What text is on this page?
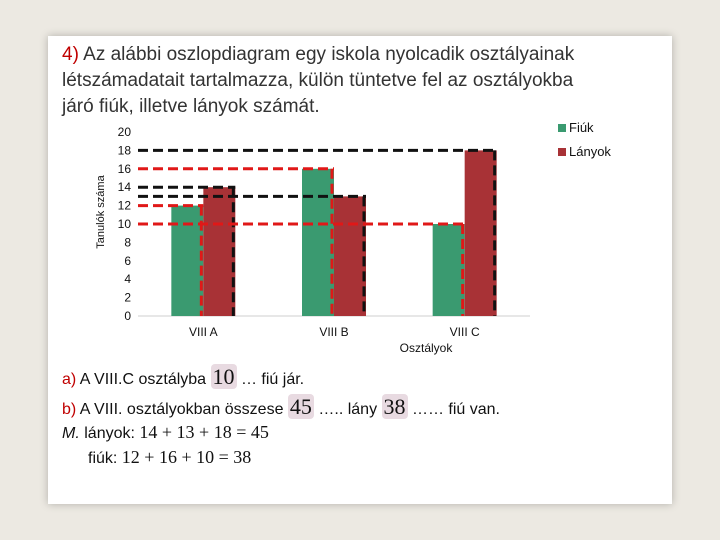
4) Az alábbi oszlopdiagram egy iskola nyolcadik osztályainak
létszámadatait tartalmazza, külön tüntetve fel az osztályokba
járó fiúk, illetve lányok számát.
0
2
4
6
8
10
12
14
16
18
20
VIII A	VIII B	VIII C
Tanulók száma
Osztályok
Fiúk
Lányok
a) A VIII.C osztályba 10 … fiú jár.
b) A VIII. osztályokban összese 45 ….. lány 38 …… fiú van.
M. lányok: 14 + 13 + 18 = 45
fiúk: 12 + 16 + 10 = 38
